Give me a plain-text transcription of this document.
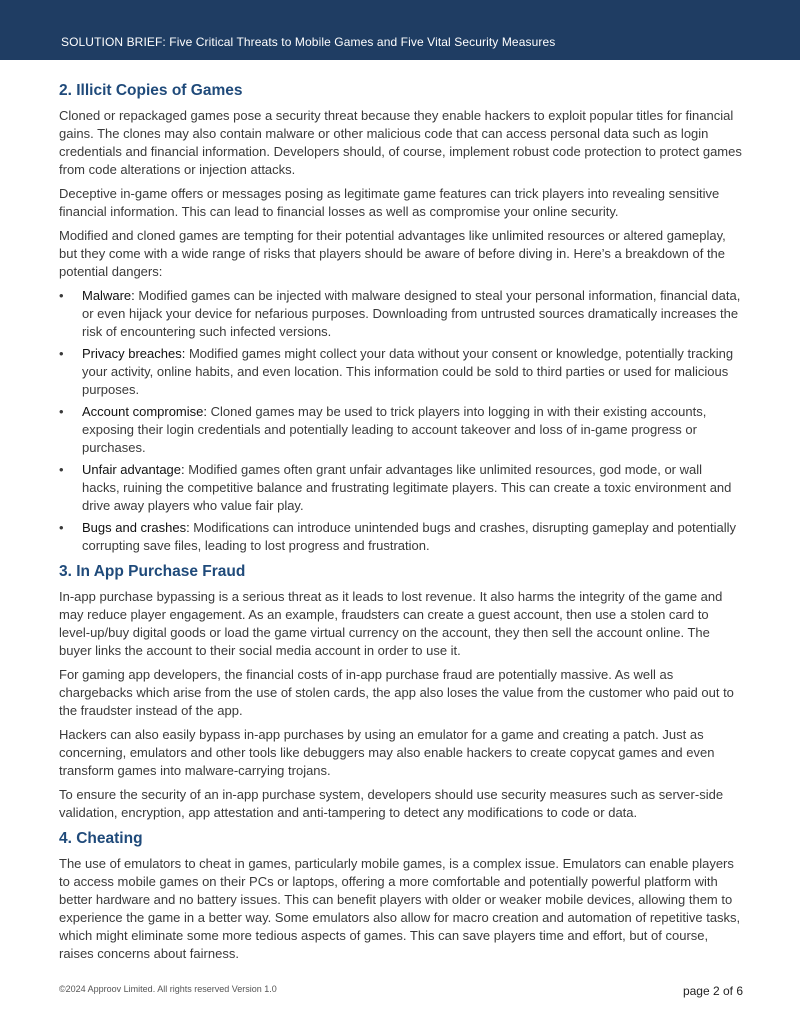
SOLUTION BRIEF: Five Critical Threats to Mobile Games and Five Vital Security Measures
2. Illicit Copies of Games

Cloned or repackaged games pose a security threat because they enable hackers to exploit popular titles for financial gains. The clones may also contain malware or other malicious code that can access personal data such as login credentials and financial information. Developers should, of course, implement robust code protection to protect games from code alterations or injection attacks.

Deceptive in-game offers or messages posing as legitimate game features can trick players into revealing sensitive financial information. This can lead to financial losses as well as compromise your online security.

Modified and cloned games are tempting for their potential advantages like unlimited resources or altered gameplay, but they come with a wide range of risks that players should be aware of before diving in. Here’s a breakdown of the potential dangers:

• Malware: Modified games can be injected with malware designed to steal your personal information, financial data, or even hijack your device for nefarious purposes. Downloading from untrusted sources dramatically increases the risk of encountering such infected versions.
• Privacy breaches: Modified games might collect your data without your consent or knowledge, potentially tracking your activity, online habits, and even location. This information could be sold to third parties or used for malicious purposes.
• Account compromise: Cloned games may be used to trick players into logging in with their existing accounts, exposing their login credentials and potentially leading to account takeover and loss of in-game progress or purchases.
• Unfair advantage: Modified games often grant unfair advantages like unlimited resources, god mode, or wall hacks, ruining the competitive balance and frustrating legitimate players. This can create a toxic environment and drive away players who value fair play.
• Bugs and crashes: Modifications can introduce unintended bugs and crashes, disrupting gameplay and potentially corrupting save files, leading to lost progress and frustration.
3. In App Purchase Fraud

In-app purchase bypassing is a serious threat as it leads to lost revenue. It also harms the integrity of the game and may reduce player engagement. As an example, fraudsters can create a guest account, then use a stolen card to level-up/buy digital goods or load the game virtual currency on the account, they then sell the account online. The buyer links the account to their social media account in order to use it.

For gaming app developers, the financial costs of in-app purchase fraud are potentially massive. As well as chargebacks which arise from the use of stolen cards, the app also loses the value from the customer who paid out to the fraudster instead of the app.

Hackers can also easily bypass in-app purchases by using an emulator for a game and creating a patch. Just as concerning, emulators and other tools like debuggers may also enable hackers to create copycat games and even transform games into malware-carrying trojans.

To ensure the security of an in-app purchase system, developers should use security measures such as server-side validation, encryption, app attestation and anti-tampering to detect any modifications to code or data.

4. Cheating

The use of emulators to cheat in games, particularly mobile games, is a complex issue. Emulators can enable players to access mobile games on their PCs or laptops, offering a more comfortable and potentially powerful platform with better hardware and no battery issues. This can benefit players with older or weaker mobile devices, allowing them to experience the game in a better way. Some emulators also allow for macro creation and automation of repetitive tasks, which might eliminate some more tedious aspects of games. This can save players time and effort, but of course, raises concerns about fairness.

©2024 Approov Limited. All rights reserved Version 1.0	page 2 of 6
